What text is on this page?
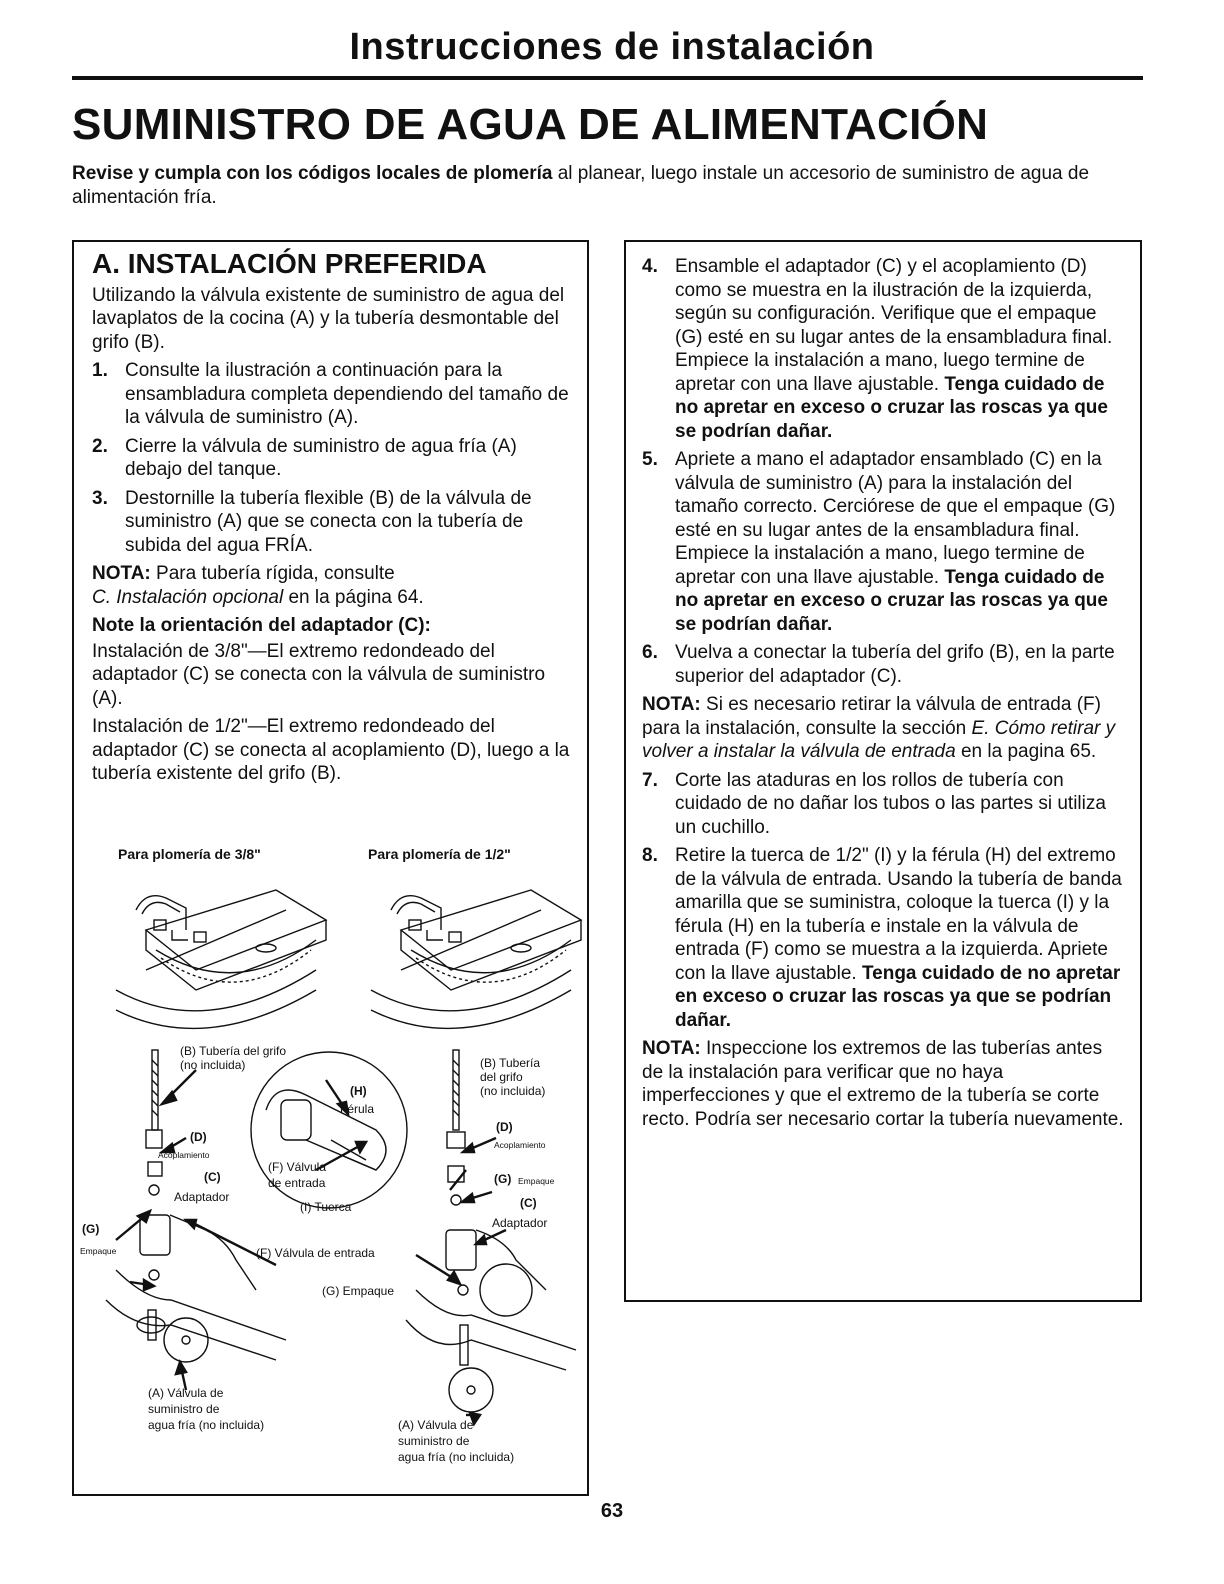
Instrucciones de instalación
SUMINISTRO DE AGUA DE ALIMENTACIÓN
Revise y cumpla con los códigos locales de plomería al planear, luego instale un accesorio de suministro de agua de alimentación fría.
A. INSTALACIÓN PREFERIDA

Utilizando la válvula existente de suministro de agua del lavaplatos de la cocina (A) y la tubería desmontable del grifo (B).

1. Consulte la ilustración a continuación para la ensambladura completa dependiendo del tamaño de la válvula de suministro (A).
2. Cierre la válvula de suministro de agua fría (A) debajo del tanque.
3. Destornille la tubería flexible (B) de la válvula de suministro (A) que se conecta con la tubería de subida del agua FRÍA.

NOTA: Para tubería rígida, consulte
C. Instalación opcional en la página 64.

Note la orientación del adaptador (C):

Instalación de 3/8"—El extremo redondeado del adaptador (C) se conecta con la válvula de suministro (A).

Instalación de 1/2"—El extremo redondeado del adaptador (C) se conecta al acoplamiento (D), luego a la tubería existente del grifo (B).

Para plomería de 3/8"	Para plomería de 1/2"
(B) Tubería del grifo
(no incluida)
(H)
Férula
(D)
Acoplamiento
(F) Válvula
de entrada
(C)
Adaptador
(I) Tuerca
(G)
Empaque	(F) Válvula de entrada
(G) Empaque
(B) Tubería
del grifo
(no incluida)
(D)
Acoplamiento
(G) Empaque
(C)
Adaptador
(A) Válvula de
suministro de
agua fría (no incluida)	(A) Válvula de
suministro de
agua fría (no incluida)
4. Ensamble el adaptador (C) y el acoplamiento (D) como se muestra en la ilustración de la izquierda, según su configuración. Verifique que el empaque (G) esté en su lugar antes de la ensambladura final. Empiece la instalación a mano, luego termine de apretar con una llave ajustable. Tenga cuidado de no apretar en exceso o cruzar las roscas ya que se podrían dañar.
5. Apriete a mano el adaptador ensamblado (C) en la válvula de suministro (A) para la instalación del tamaño correcto. Cerciórese de que el empaque (G) esté en su lugar antes de la ensambladura final. Empiece la instalación a mano, luego termine de apretar con una llave ajustable. Tenga cuidado de no apretar en exceso o cruzar las roscas ya que se podrían dañar.
6. Vuelva a conectar la tubería del grifo (B), en la parte superior del adaptador (C).

NOTA: Si es necesario retirar la válvula de entrada (F) para la instalación, consulte la sección E. Cómo retirar y volver a instalar la válvula de entrada en la pagina 65.

7. Corte las ataduras en los rollos de tubería con cuidado de no dañar los tubos o las partes si utiliza un cuchillo.
8. Retire la tuerca de 1/2" (I) y la férula (H) del extremo de la válvula de entrada. Usando la tubería de banda amarilla que se suministra, coloque la tuerca (I) y la férula (H) en la tubería e instale en la válvula de entrada (F) como se muestra a la izquierda. Apriete con la llave ajustable. Tenga cuidado de no apretar en exceso o cruzar las roscas ya que se podrían dañar.

NOTA: Inspeccione los extremos de las tuberías antes de la instalación para verificar que no haya imperfecciones y que el extremo de la tubería se corte recto. Podría ser necesario cortar la tubería nuevamente.

63
